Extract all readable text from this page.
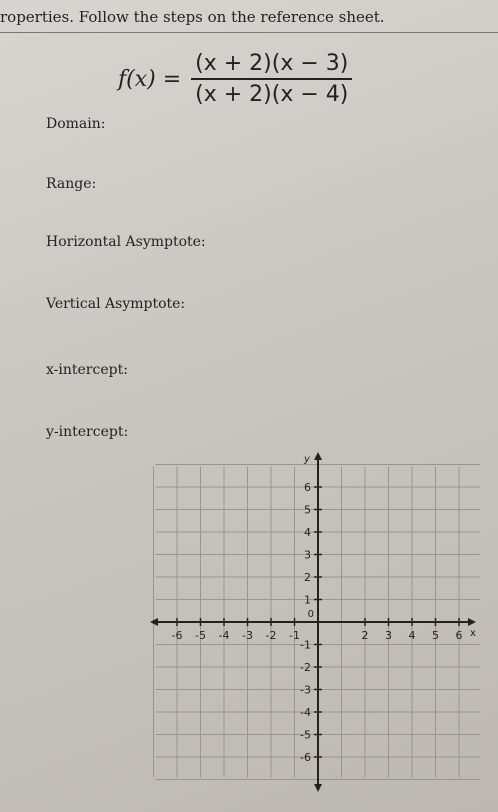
roperties. Follow the steps on the reference sheet.
$f(x) = \frac{(x + 2)(x - 3)}{(x + 2)(x - 4)}$
Domain:
Range:
Horizontal Asymptote:
Vertical Asymptote:
x-intercept:
y-intercept:
x
y
-6 -5 -4 -3 -2 -1	2 3 4 5 6
6
5
4
3
2
1
-1
-2
-3
-4
-5
-6
0
